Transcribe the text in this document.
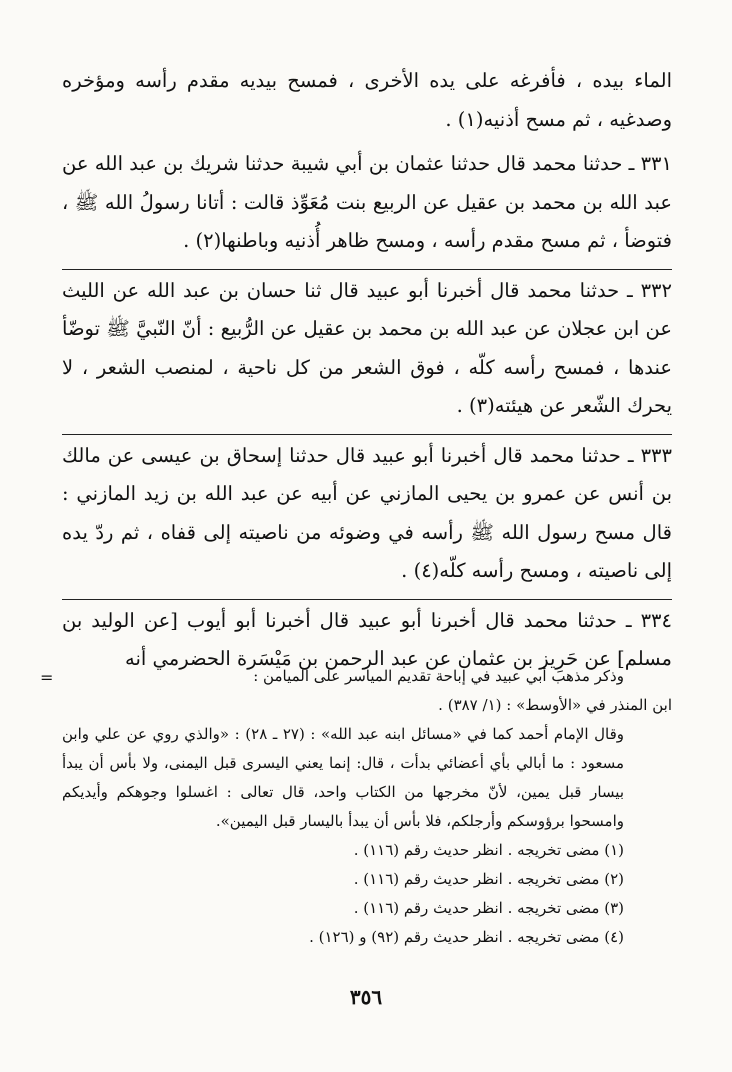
الماء بيده ، فأفرغه على يده الأخرى ، فمسح بيديه مقدم رأسه ومؤخره وصدغيه ، ثم مسح أذنيه(١) .

٣٣١ ـ حدثنا محمد قال حدثنا عثمان بن أبي شيبة حدثنا شريك بن عبد الله عن عبد الله بن محمد بن عقيل عن الربيع بنت مُعَوِّذ قالت : أتانا رسولُ الله ﷺ ، فتوضأ ، ثم مسح مقدم رأسه ، ومسح ظاهر أُذنيه وباطنها(٢) .

٣٣٢ ـ حدثنا محمد قال أخبرنا أبو عبيد قال ثنا حسان بن عبد الله عن الليث عن ابن عجلان عن عبد الله بن محمد بن عقيل عن الرُّبيع : أنّ النّبيَّ ﷺ توضّأ عندها ، فمسح رأسه كلّه ، فوق الشعر من كل ناحية ، لمنصب الشعر ، لا يحرك الشّعر عن هيئته(٣) .

٣٣٣ ـ حدثنا محمد قال أخبرنا أبو عبيد قال حدثنا إسحاق بن عيسى عن مالك بن أنس عن عمرو بن يحيى المازني عن أبيه عن عبد الله بن زيد المازني : قال مسح رسول الله ﷺ رأسه في وضوئه من ناصيته إلى قفاه ، ثم ردّ يده إلى ناصيته ، ومسح رأسه كلّه(٤) .

٣٣٤ ـ حدثنا محمد قال أخبرنا أبو عبيد قال أخبرنا أبو أيوب [عن الوليد بن مسلم] عن حَرِيز بن عثمان عن عبد الرحمن بن مَيْسَرة الحضرمي أنه

=	وذكر مذهب أبي عبيد في إباحة تقديم المياسر على الميامن :

ابن المنذر في «الأوسط» : (١/ ٣٨٧) .

وقال الإمام أحمد كما في «مسائل ابنه عبد الله» : (٢٧ ـ ٢٨) : «والذي روي عن علي وابن مسعود : ما أبالي بأي أعضائي بدأت ، قال: إنما يعني اليسرى قبل اليمنى، ولا بأس أن يبدأ بيسار قبل يمين، لأنّ مخرجها من الكتاب واحد، قال تعالى : اغسلوا وجوهكم وأيديكم وامسحوا برؤوسكم وأرجلكم، فلا بأس أن يبدأ باليسار قبل اليمين».

(١) مضى تخريجه . انظر حديث رقم (١١٦) .

(٢) مضى تخريجه . انظر حديث رقم (١١٦) .

(٣) مضى تخريجه . انظر حديث رقم (١١٦) .

(٤) مضى تخريجه . انظر حديث رقم (٩٢) و (١٢٦) .

٣٥٦
